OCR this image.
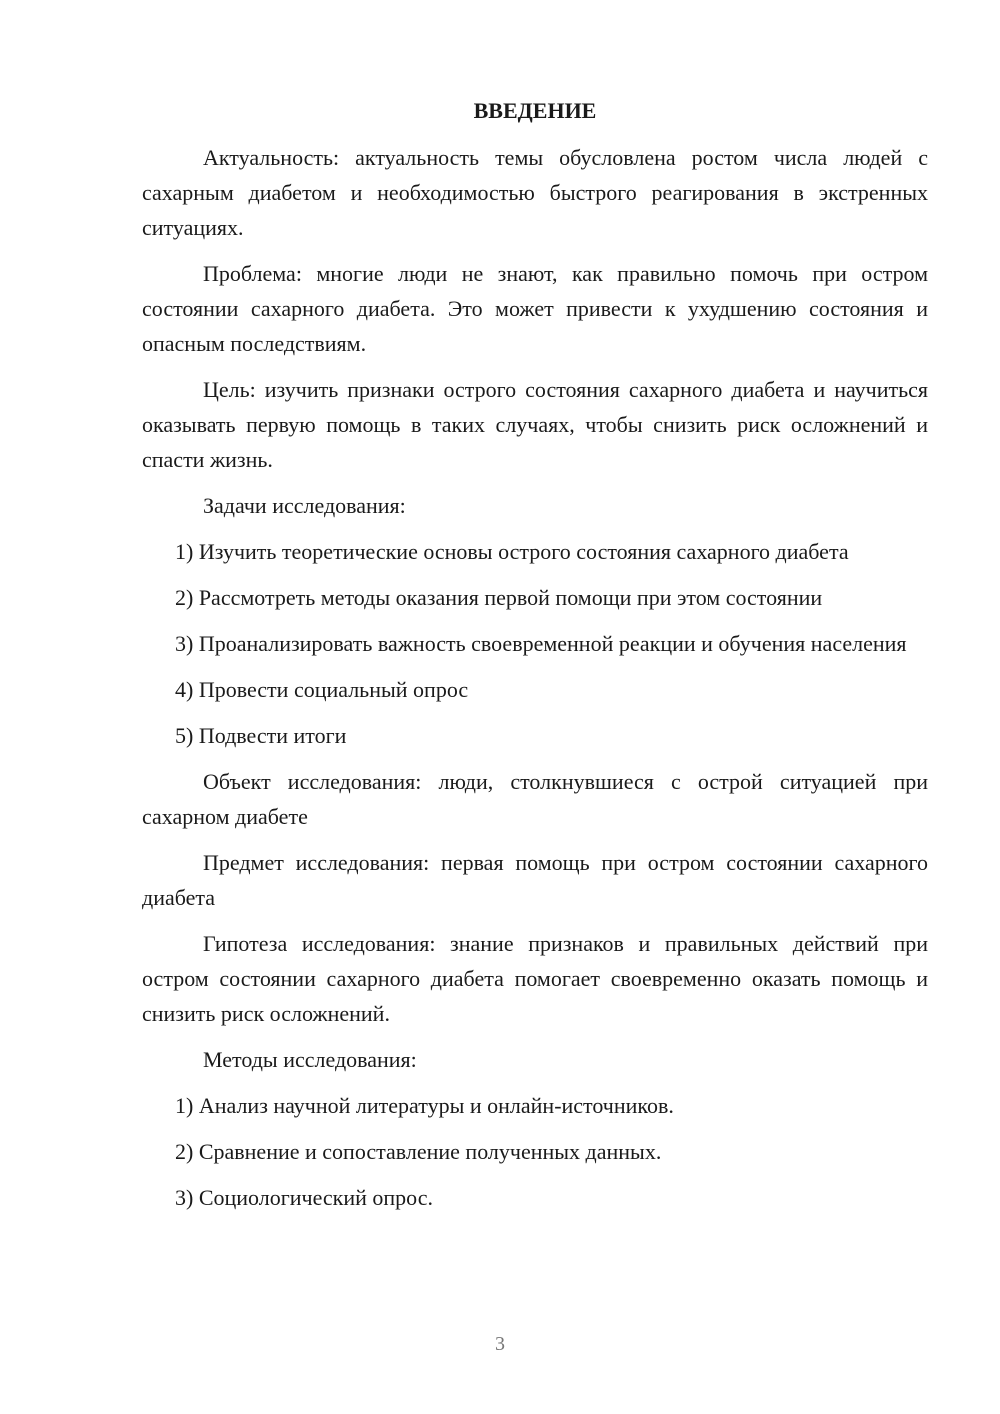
ВВЕДЕНИЕ
Актуальность: актуальность темы обусловлена ростом числа людей с сахарным диабетом и необходимостью быстрого реагирования в экстренных ситуациях.
Проблема: многие люди не знают, как правильно помочь при остром состоянии сахарного диабета. Это может привести к ухудшению состояния и опасным последствиям.
Цель: изучить признаки острого состояния сахарного диабета и научиться оказывать первую помощь в таких случаях, чтобы снизить риск осложнений и спасти жизнь.
Задачи исследования:
1) Изучить теоретические основы острого состояния сахарного диабета
2) Рассмотреть методы оказания первой помощи при этом состоянии
3) Проанализировать важность своевременной реакции и обучения населения
4) Провести социальный опрос
5) Подвести итоги
Объект исследования: люди, столкнувшиеся с острой ситуацией при сахарном диабете
Предмет исследования: первая помощь при остром состоянии сахарного диабета
Гипотеза исследования: знание признаков и правильных действий при остром состоянии сахарного диабета помогает своевременно оказать помощь и снизить риск осложнений.
Методы исследования:
1) Анализ научной литературы и онлайн-источников.
2) Сравнение и сопоставление полученных данных.
3) Социологический опрос.
3
